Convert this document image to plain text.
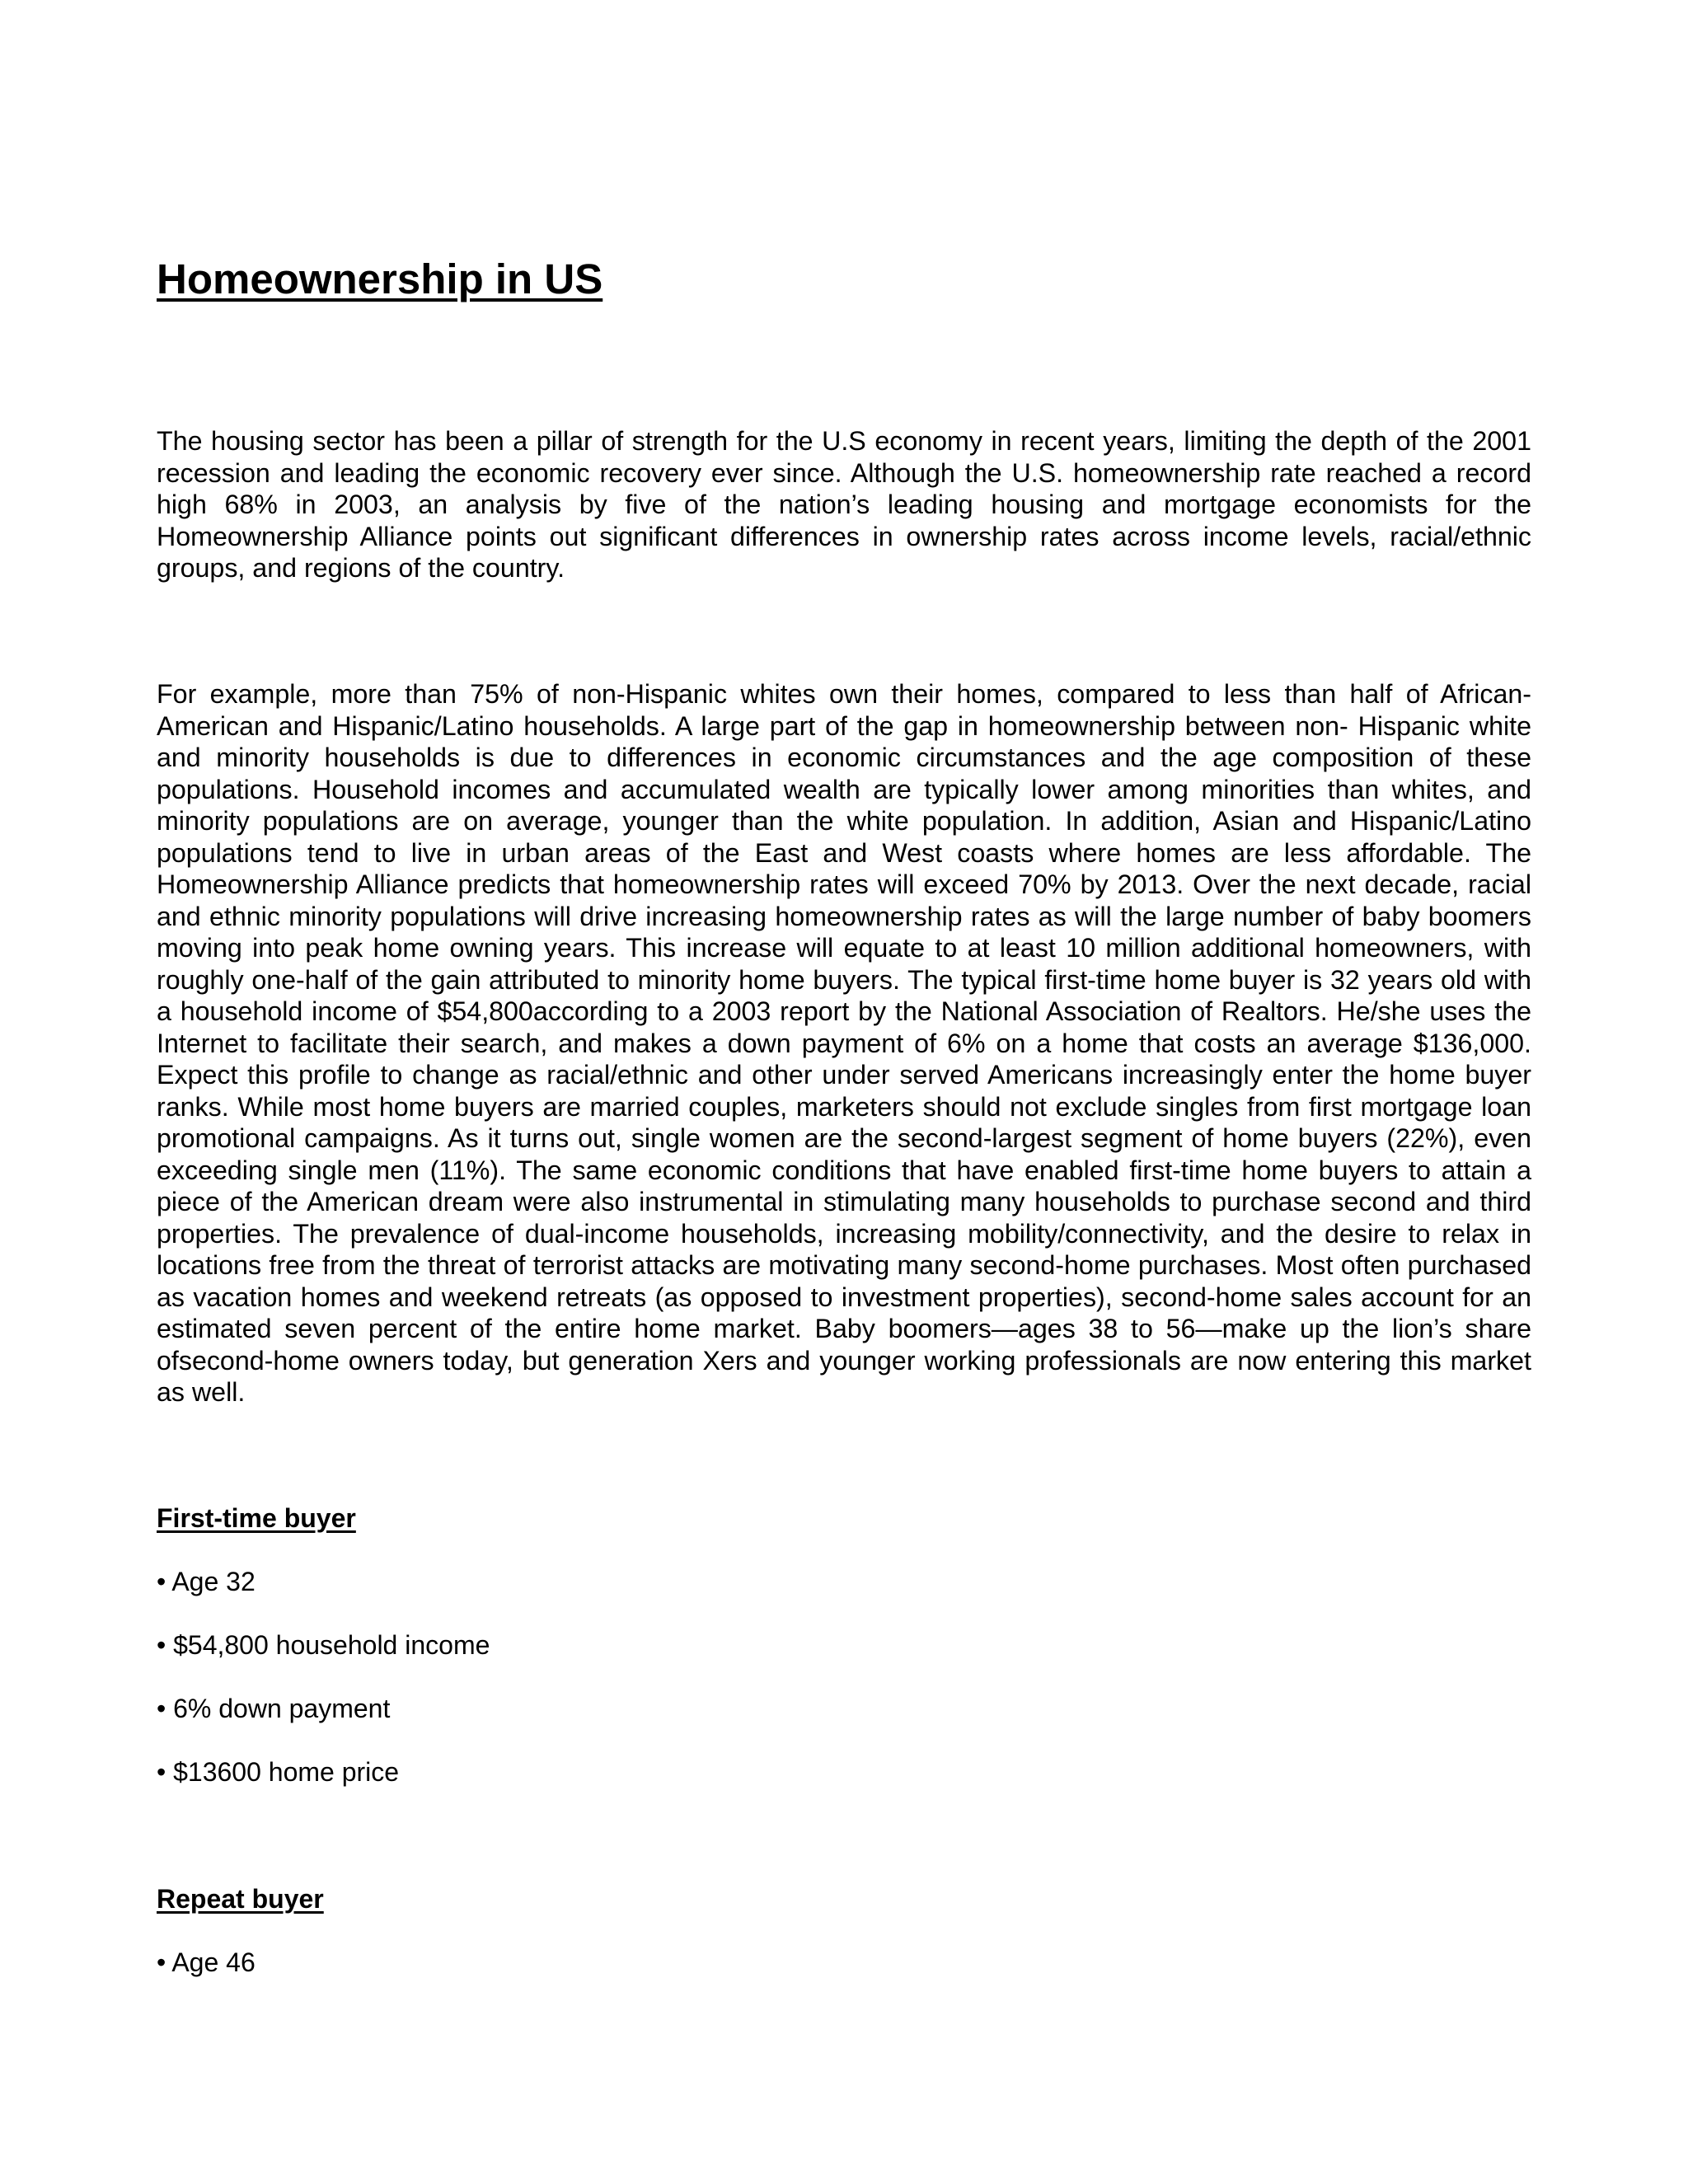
Homeownership in US

The housing sector has been a pillar of strength for the U.S economy in recent years, limiting the depth of the 2001 recession and leading the economic recovery ever since. Although the U.S. homeownership rate reached a record high 68% in 2003, an analysis by five of the nation’s leading housing and mortgage economists for the Homeownership Alliance points out significant differences in ownership rates across income levels, racial/ethnic groups, and regions of the country.

For example, more than 75% of non-Hispanic whites own their homes, compared to less than half of African-American and Hispanic/Latino households. A large part of the gap in homeownership between non- Hispanic white and minority households is due to differences in economic circumstances and the age composition of these populations. Household incomes and accumulated wealth are typically lower among minorities than whites, and minority populations are on average, younger than the white population. In addition, Asian and Hispanic/Latino populations tend to live in urban areas of the East and West coasts where homes are less affordable. The Homeownership Alliance predicts that homeownership rates will exceed 70% by 2013. Over the next decade, racial and ethnic minority populations will drive increasing homeownership rates as will the large number of baby boomers moving into peak home owning years. This increase will equate to at least 10 million additional homeowners, with roughly one-half of the gain attributed to minority home buyers. The typical first-time home buyer is 32 years old with a household income of $54,800according to a 2003 report by the National Association of Realtors. He/she uses the Internet to facilitate their search, and makes a down payment of 6% on a home that costs an average $136,000. Expect this profile to change as racial/ethnic and other under served Americans increasingly enter the home buyer ranks. While most home buyers are married couples, marketers should not exclude singles from first mortgage loan promotional campaigns. As it turns out, single women are the second-largest segment of home buyers (22%), even exceeding single men (11%). The same economic conditions that have enabled first-time home buyers to attain a piece of the American dream were also instrumental in stimulating many households to purchase second and third properties. The prevalence of dual-income households, increasing mobility/connectivity, and the desire to relax in locations free from the threat of terrorist attacks are motivating many second-home purchases. Most often purchased as vacation homes and weekend retreats (as opposed to investment properties), second-home sales account for an estimated seven percent of the entire home market. Baby boomers—ages 38 to 56—make up the lion’s share ofsecond-home owners today, but generation Xers and younger working professionals are now entering this market as well.

First-time buyer

• Age 32

• $54,800 household income

• 6% down payment

• $13600 home price

Repeat buyer

• Age 46
